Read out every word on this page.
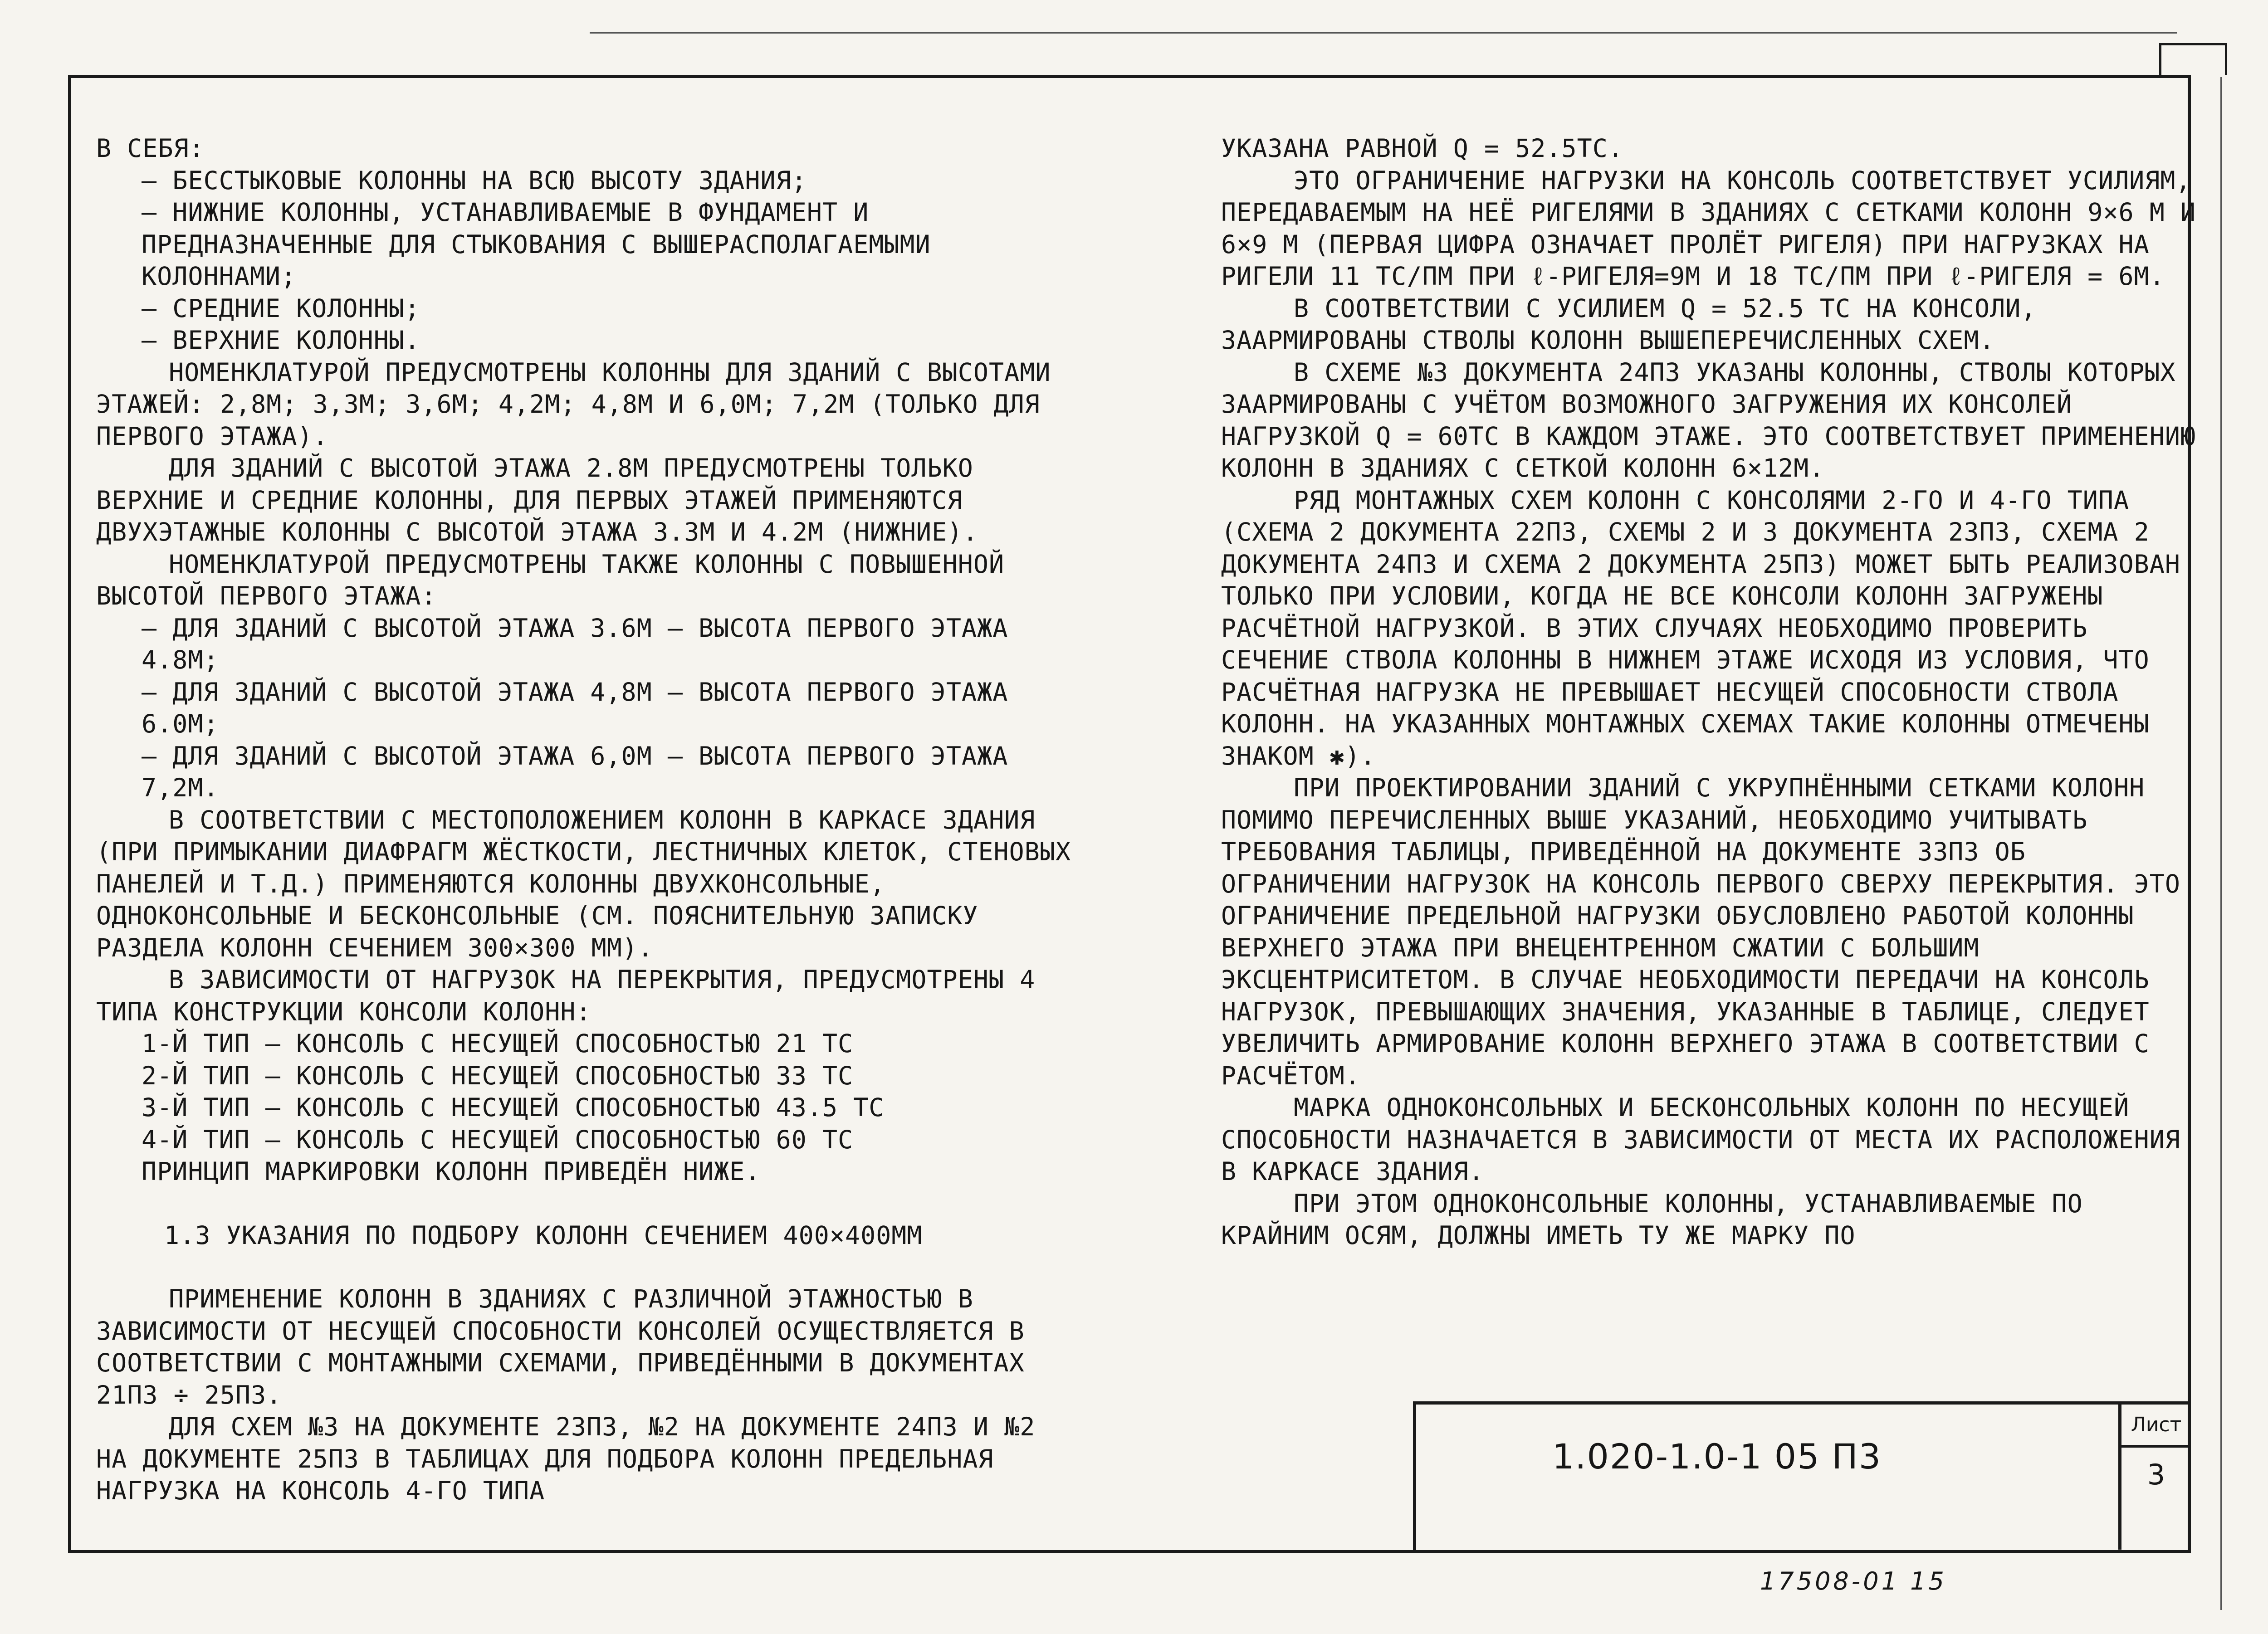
В СЕБЯ:

– БЕССТЫКОВЫЕ КОЛОННЫ НА ВСЮ ВЫСОТУ ЗДАНИЯ;

– НИЖНИЕ КОЛОННЫ, УСТАНАВЛИВАЕМЫЕ В ФУНДАМЕНТ И ПРЕДНАЗНАЧЕННЫЕ ДЛЯ СТЫКОВАНИЯ С ВЫШЕРАСПОЛАГАЕМЫМИ КОЛОННАМИ;

– СРЕДНИЕ КОЛОННЫ;

– ВЕРХНИЕ КОЛОННЫ.

НОМЕНКЛАТУРОЙ ПРЕДУСМОТРЕНЫ КОЛОННЫ ДЛЯ ЗДАНИЙ С ВЫСОТАМИ ЭТАЖЕЙ: 2,8М; 3,3М; 3,6М; 4,2М; 4,8М И 6,0М; 7,2М (ТОЛЬКО ДЛЯ ПЕРВОГО ЭТАЖА).

ДЛЯ ЗДАНИЙ С ВЫСОТОЙ ЭТАЖА 2.8М ПРЕДУСМОТРЕНЫ ТОЛЬКО ВЕРХНИЕ И СРЕДНИЕ КОЛОННЫ, ДЛЯ ПЕРВЫХ ЭТАЖЕЙ ПРИМЕНЯЮТСЯ ДВУХЭТАЖНЫЕ КОЛОННЫ С ВЫСОТОЙ ЭТАЖА 3.3М И 4.2М (НИЖНИЕ).

НОМЕНКЛАТУРОЙ ПРЕДУСМОТРЕНЫ ТАКЖЕ КОЛОННЫ С ПОВЫШЕННОЙ ВЫСОТОЙ ПЕРВОГО ЭТАЖА:

– ДЛЯ ЗДАНИЙ С ВЫСОТОЙ ЭТАЖА 3.6М – ВЫСОТА ПЕРВОГО ЭТАЖА 4.8М;

– ДЛЯ ЗДАНИЙ С ВЫСОТОЙ ЭТАЖА 4,8М – ВЫСОТА ПЕРВОГО ЭТАЖА 6.0М;

– ДЛЯ ЗДАНИЙ С ВЫСОТОЙ ЭТАЖА 6,0М – ВЫСОТА ПЕРВОГО ЭТАЖА 7,2М.

В СООТВЕТСТВИИ С МЕСТОПОЛОЖЕНИЕМ КОЛОНН В КАРКАСЕ ЗДАНИЯ (ПРИ ПРИМЫКАНИИ ДИАФРАГМ ЖЁСТКОСТИ, ЛЕСТНИЧНЫХ КЛЕТОК, СТЕНОВЫХ ПАНЕЛЕЙ И Т.Д.) ПРИМЕНЯЮТСЯ КОЛОННЫ ДВУХКОНСОЛЬНЫЕ, ОДНОКОНСОЛЬНЫЕ И БЕСКОНСОЛЬНЫЕ (СМ. ПОЯСНИТЕЛЬНУЮ ЗАПИСКУ РАЗДЕЛА КОЛОНН СЕЧЕНИЕМ 300×300 ММ).

В ЗАВИСИМОСТИ ОТ НАГРУЗОК НА ПЕРЕКРЫТИЯ, ПРЕДУСМОТРЕНЫ 4 ТИПА КОНСТРУКЦИИ КОНСОЛИ КОЛОНН:

1-Й ТИП – КОНСОЛЬ С НЕСУЩЕЙ СПОСОБНОСТЬЮ 21 ТС

2-Й ТИП – КОНСОЛЬ С НЕСУЩЕЙ СПОСОБНОСТЬЮ 33 ТС

3-Й ТИП – КОНСОЛЬ С НЕСУЩЕЙ СПОСОБНОСТЬЮ 43.5 ТС

4-Й ТИП – КОНСОЛЬ С НЕСУЩЕЙ СПОСОБНОСТЬЮ 60 ТС

ПРИНЦИП МАРКИРОВКИ КОЛОНН ПРИВЕДЁН НИЖЕ.

1.3 УКАЗАНИЯ ПО ПОДБОРУ КОЛОНН СЕЧЕНИЕМ 400×400ММ

ПРИМЕНЕНИЕ КОЛОНН В ЗДАНИЯХ С РАЗЛИЧНОЙ ЭТАЖНОСТЬЮ В ЗАВИСИМОСТИ ОТ НЕСУЩЕЙ СПОСОБНОСТИ КОНСОЛЕЙ ОСУЩЕСТВЛЯЕТСЯ В СООТВЕТСТВИИ С МОНТАЖНЫМИ СХЕМАМИ, ПРИВЕДЁННЫМИ В ДОКУМЕНТАХ 21П3 ÷ 25П3.

ДЛЯ СХЕМ №3 НА ДОКУМЕНТЕ 23П3, №2 НА ДОКУМЕНТЕ 24П3 И №2 НА ДОКУМЕНТЕ 25П3 В ТАБЛИЦАХ ДЛЯ ПОДБОРА КОЛОНН ПРЕДЕЛЬНАЯ НАГРУЗКА НА КОНСОЛЬ 4-ГО ТИПА

УКАЗАНА РАВНОЙ Q = 52.5ТС.

ЭТО ОГРАНИЧЕНИЕ НАГРУЗКИ НА КОНСОЛЬ СООТВЕТСТВУЕТ УСИЛИЯМ, ПЕРЕДАВАЕМЫМ НА НЕЁ РИГЕЛЯМИ В ЗДАНИЯХ С СЕТКАМИ КОЛОНН 9×6 М И 6×9 М (ПЕРВАЯ ЦИФРА ОЗНАЧАЕТ ПРОЛЁТ РИГЕЛЯ) ПРИ НАГРУЗКАХ НА РИГЕЛИ 11 ТС/ПМ ПРИ ℓ-РИГЕЛЯ=9М И 18 ТС/ПМ ПРИ ℓ-РИГЕЛЯ = 6М.

В СООТВЕТСТВИИ С УСИЛИЕМ Q = 52.5 ТС НА КОНСОЛИ, ЗААРМИРОВАНЫ СТВОЛЫ КОЛОНН ВЫШЕПЕРЕЧИСЛЕННЫХ СХЕМ.

В СХЕМЕ №3 ДОКУМЕНТА 24П3 УКАЗАНЫ КОЛОННЫ, СТВОЛЫ КОТОРЫХ ЗААРМИРОВАНЫ С УЧЁТОМ ВОЗМОЖНОГО ЗАГРУЖЕНИЯ ИХ КОНСОЛЕЙ НАГРУЗКОЙ Q = 60ТС В КАЖДОМ ЭТАЖЕ. ЭТО СООТВЕТСТВУЕТ ПРИМЕНЕНИЮ КОЛОНН В ЗДАНИЯХ С СЕТКОЙ КОЛОНН 6×12М.

РЯД МОНТАЖНЫХ СХЕМ КОЛОНН С КОНСОЛЯМИ 2-ГО И 4-ГО ТИПА (СХЕМА 2 ДОКУМЕНТА 22П3, СХЕМЫ 2 И 3 ДОКУМЕНТА 23П3, СХЕМА 2 ДОКУМЕНТА 24П3 И СХЕМА 2 ДОКУМЕНТА 25П3) МОЖЕТ БЫТЬ РЕАЛИЗОВАН ТОЛЬКО ПРИ УСЛОВИИ, КОГДА НЕ ВСЕ КОНСОЛИ КОЛОНН ЗАГРУЖЕНЫ РАСЧЁТНОЙ НАГРУЗКОЙ. В ЭТИХ СЛУЧАЯХ НЕОБХОДИМО ПРОВЕРИТЬ СЕЧЕНИЕ СТВОЛА КОЛОННЫ В НИЖНЕМ ЭТАЖЕ ИСХОДЯ ИЗ УСЛОВИЯ, ЧТО РАСЧЁТНАЯ НАГРУЗКА НЕ ПРЕВЫШАЕТ НЕСУЩЕЙ СПОСОБНОСТИ СТВОЛА КОЛОНН. НА УКАЗАННЫХ МОНТАЖНЫХ СХЕМАХ ТАКИЕ КОЛОННЫ ОТМЕЧЕНЫ ЗНАКОМ ✱).

ПРИ ПРОЕКТИРОВАНИИ ЗДАНИЙ С УКРУПНЁННЫМИ СЕТКАМИ КОЛОНН ПОМИМО ПЕРЕЧИСЛЕННЫХ ВЫШЕ УКАЗАНИЙ, НЕОБХОДИМО УЧИТЫВАТЬ ТРЕБОВАНИЯ ТАБЛИЦЫ, ПРИВЕДЁННОЙ НА ДОКУМЕНТЕ 33П3 ОБ ОГРАНИЧЕНИИ НАГРУЗОК НА КОНСОЛЬ ПЕРВОГО СВЕРХУ ПЕРЕКРЫТИЯ. ЭТО ОГРАНИЧЕНИЕ ПРЕДЕЛЬНОЙ НАГРУЗКИ ОБУСЛОВЛЕНО РАБОТОЙ КОЛОННЫ ВЕРХНЕГО ЭТАЖА ПРИ ВНЕЦЕНТРЕННОМ СЖАТИИ С БОЛЬШИМ ЭКСЦЕНТРИСИТЕТОМ. В СЛУЧАЕ НЕОБХОДИМОСТИ ПЕРЕДАЧИ НА КОНСОЛЬ НАГРУЗОК, ПРЕВЫШАЮЩИХ ЗНАЧЕНИЯ, УКАЗАННЫЕ В ТАБЛИЦЕ, СЛЕДУЕТ УВЕЛИЧИТЬ АРМИРОВАНИЕ КОЛОНН ВЕРХНЕГО ЭТАЖА В СООТВЕТСТВИИ С РАСЧЁТОМ.

МАРКА ОДНОКОНСОЛЬНЫХ И БЕСКОНСОЛЬНЫХ КОЛОНН ПО НЕСУЩЕЙ СПОСОБНОСТИ НАЗНАЧАЕТСЯ В ЗАВИСИМОСТИ ОТ МЕСТА ИХ РАСПОЛОЖЕНИЯ В КАРКАСЕ ЗДАНИЯ.

ПРИ ЭТОМ ОДНОКОНСОЛЬНЫЕ КОЛОННЫ, УСТАНАВЛИВАЕМЫЕ ПО КРАЙНИМ ОСЯМ, ДОЛЖНЫ ИМЕТЬ ТУ ЖЕ МАРКУ ПО

1.020-1.0-1 05 П3
Лист
3
17508-01 15
